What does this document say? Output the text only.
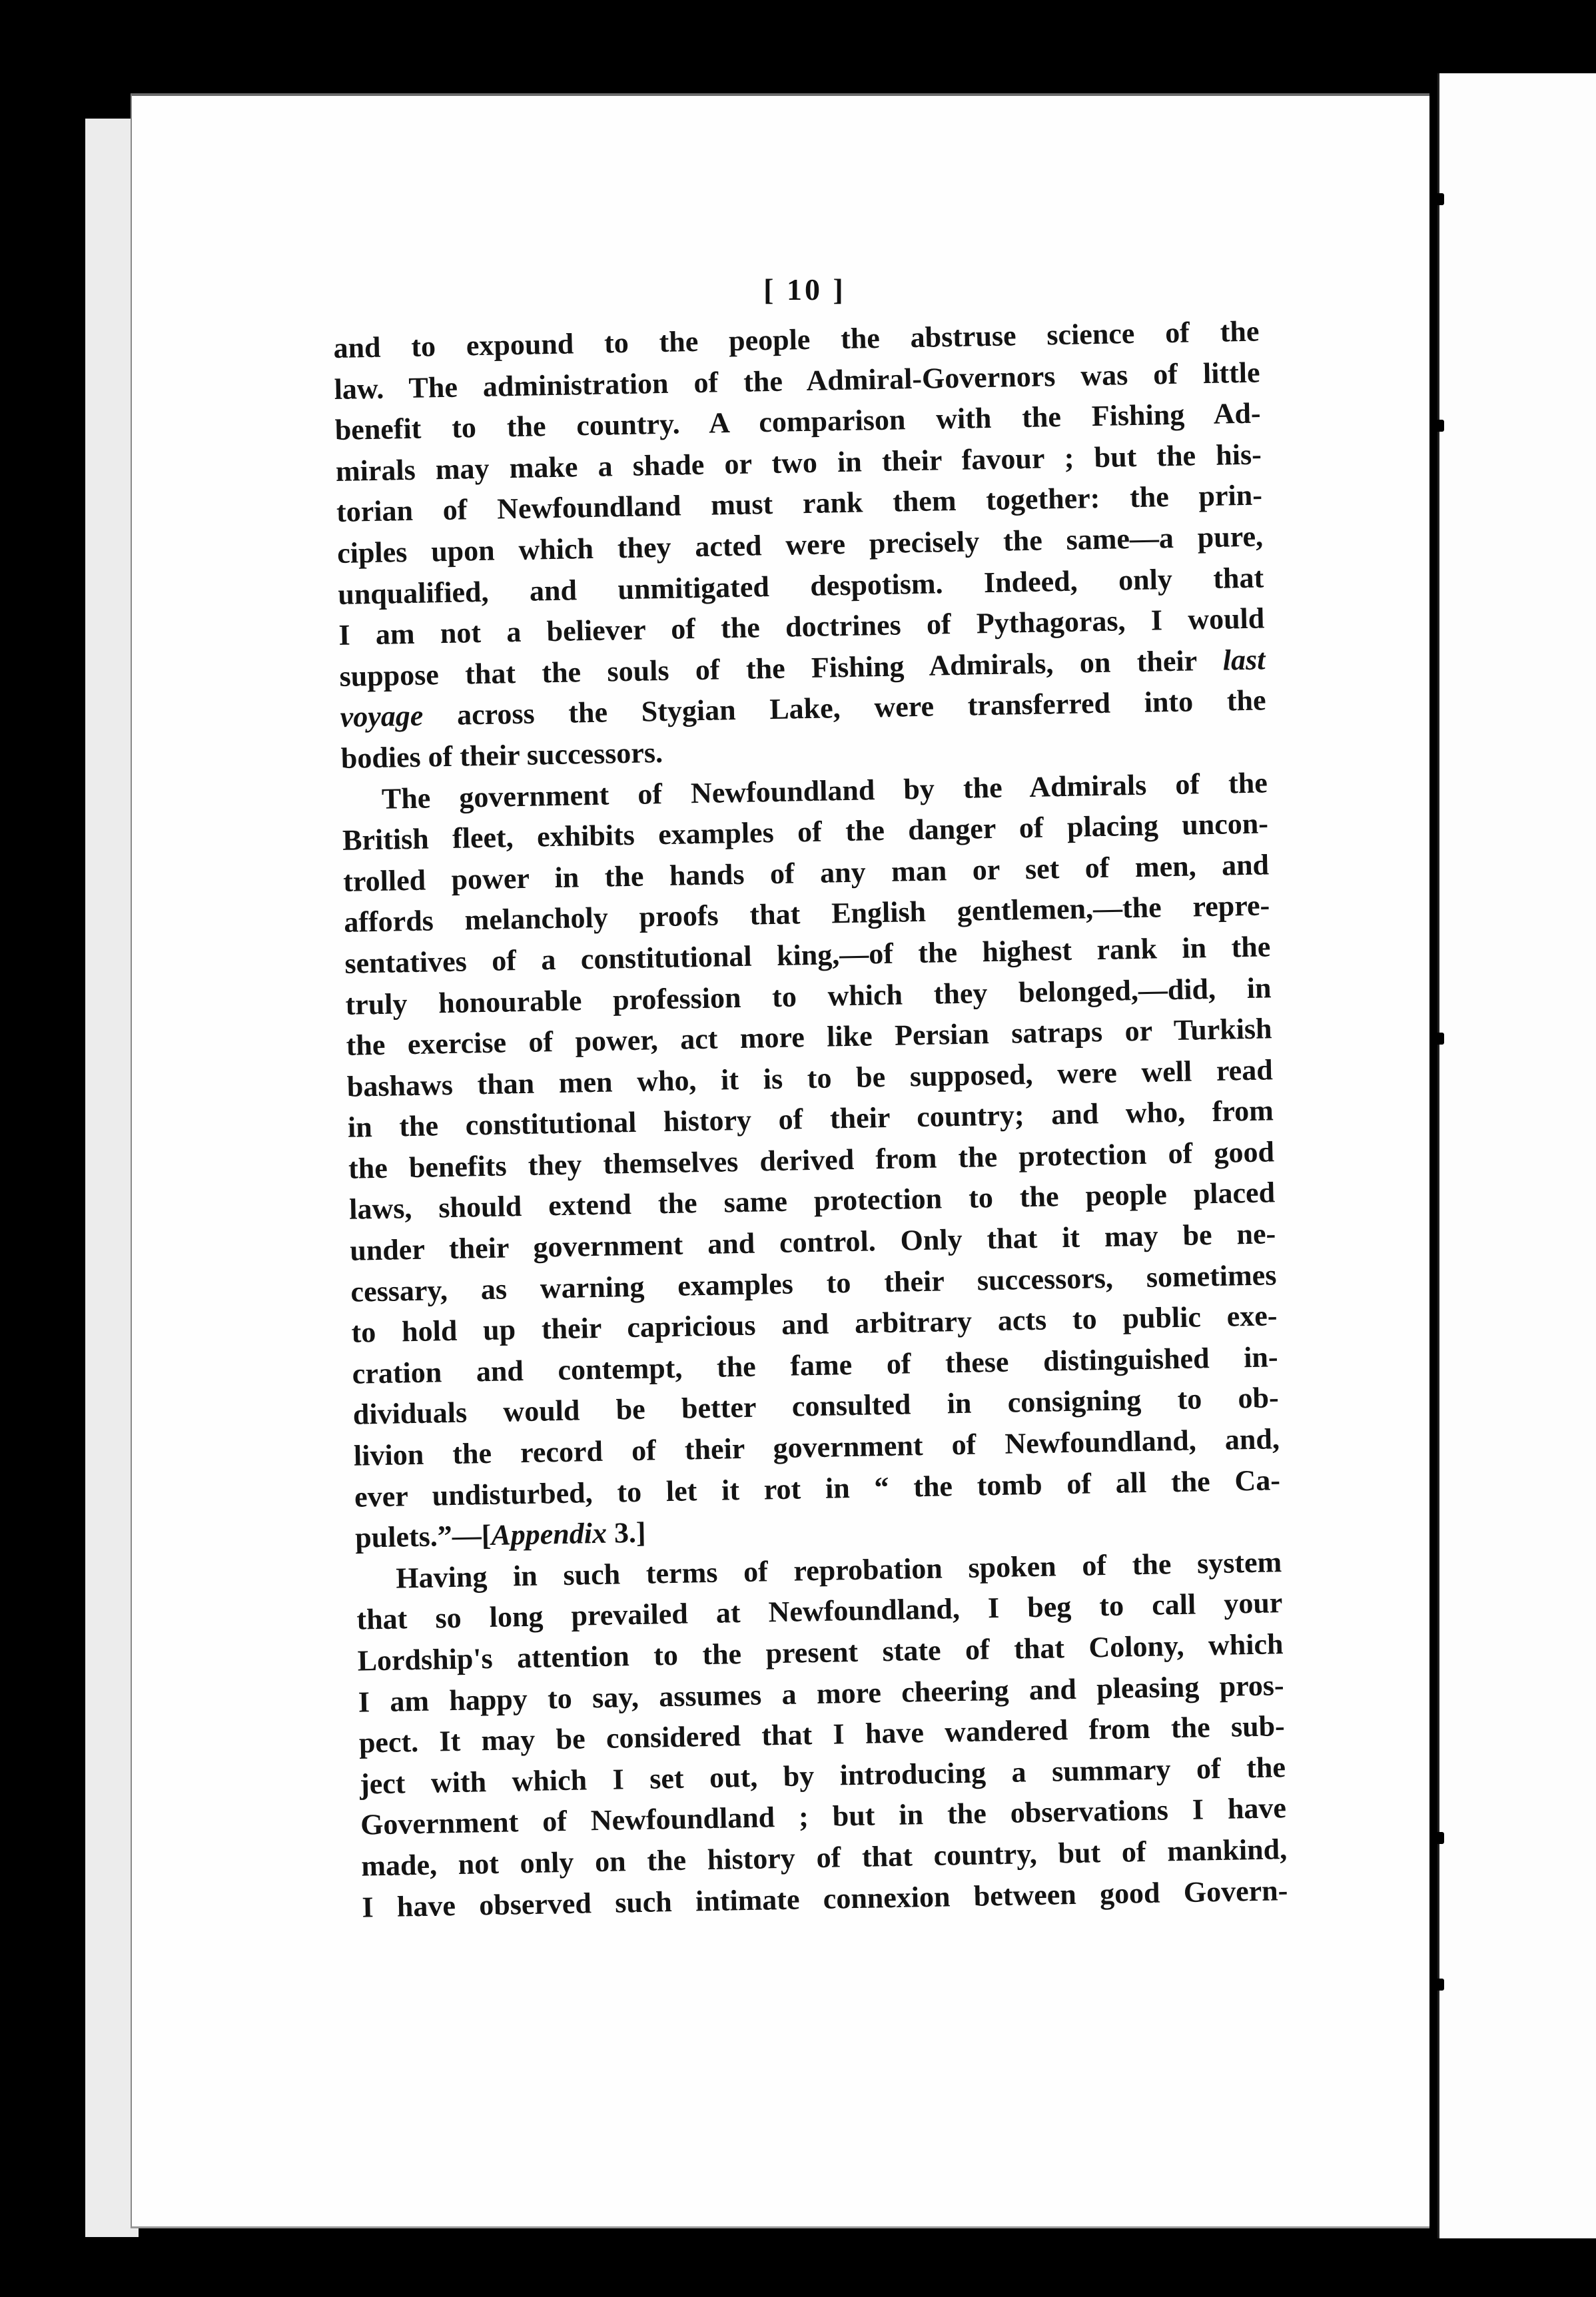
[ 10 ]
and to expound to the people the abstruse science of the
law. The administration of the Admiral-Governors was of little
benefit to the country. A comparison with the Fishing Ad-
mirals may make a shade or two in their favour ; but the his-
torian of Newfoundland must rank them together: the prin-
ciples upon which they acted were precisely the same—a pure,
unqualified, and unmitigated despotism. Indeed, only that
I am not a believer of the doctrines of Pythagoras, I would
suppose that the souls of the Fishing Admirals, on their last
voyage across the Stygian Lake, were transferred into the
bodies of their successors.
The government of Newfoundland by the Admirals of the
British fleet, exhibits examples of the danger of placing uncon-
trolled power in the hands of any man or set of men, and
affords melancholy proofs that English gentlemen,—the repre-
sentatives of a constitutional king,—of the highest rank in the
truly honourable profession to which they belonged,—did, in
the exercise of power, act more like Persian satraps or Turkish
bashaws than men who, it is to be supposed, were well read
in the constitutional history of their country; and who, from
the benefits they themselves derived from the protection of good
laws, should extend the same protection to the people placed
under their government and control. Only that it may be ne-
cessary, as warning examples to their successors, sometimes
to hold up their capricious and arbitrary acts to public exe-
cration and contempt, the fame of these distinguished in-
dividuals would be better consulted in consigning to ob-
livion the record of their government of Newfoundland, and,
ever undisturbed, to let it rot in “ the tomb of all the Ca-
pulets.”—[Appendix 3.]
Having in such terms of reprobation spoken of the system
that so long prevailed at Newfoundland, I beg to call your
Lordship's attention to the present state of that Colony, which
I am happy to say, assumes a more cheering and pleasing pros-
pect. It may be considered that I have wandered from the sub-
ject with which I set out, by introducing a summary of the
Government of Newfoundland ; but in the observations I have
made, not only on the history of that country, but of mankind,
I have observed such intimate connexion between good Govern-
